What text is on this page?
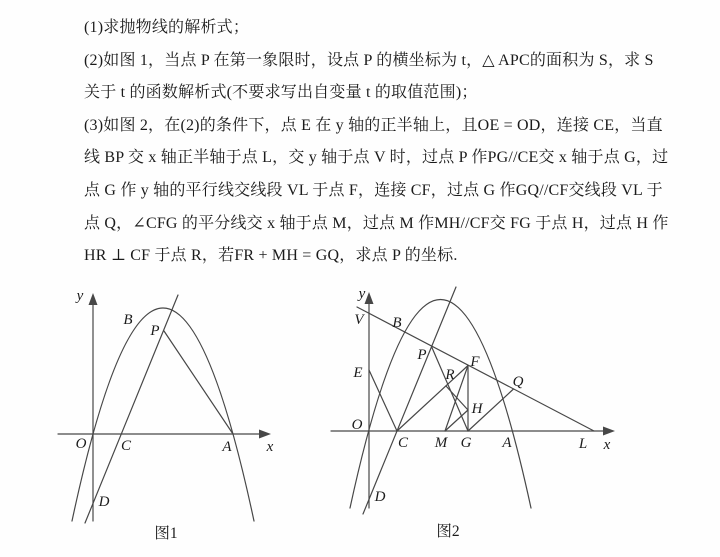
(1)求抛物线的解析式；
(2)如图 1，当点 P 在第一象限时，设点 P 的横坐标为 t，△ APC的面积为 S，求 S
关于 t 的函数解析式(不要求写出自变量 t 的取值范围)；
(3)如图 2，在(2)的条件下，点 E 在 y 轴的正半轴上，且OE = OD，连接 CE，当直
线 BP 交 x 轴正半轴于点 L，交 y 轴于点 V 时，过点 P 作PG//CE交 x 轴于点 G，过
点 G 作 y 轴的平行线交线段 VL 于点 F，连接 CF，过点 G 作GQ//CF交线段 VL 于
点 Q，∠CFG 的平分线交 x 轴于点 M，过点 M 作MH//CF交 FG 于点 H，过点 H 作
HR ⊥ CF 于点 R，若FR + MH = GQ，求点 P 的坐标.
y
x
O C	A
B
P
D
图1
y
x
V B
E
P
R
F
Q
H
O
C M G A	L
D
图2
